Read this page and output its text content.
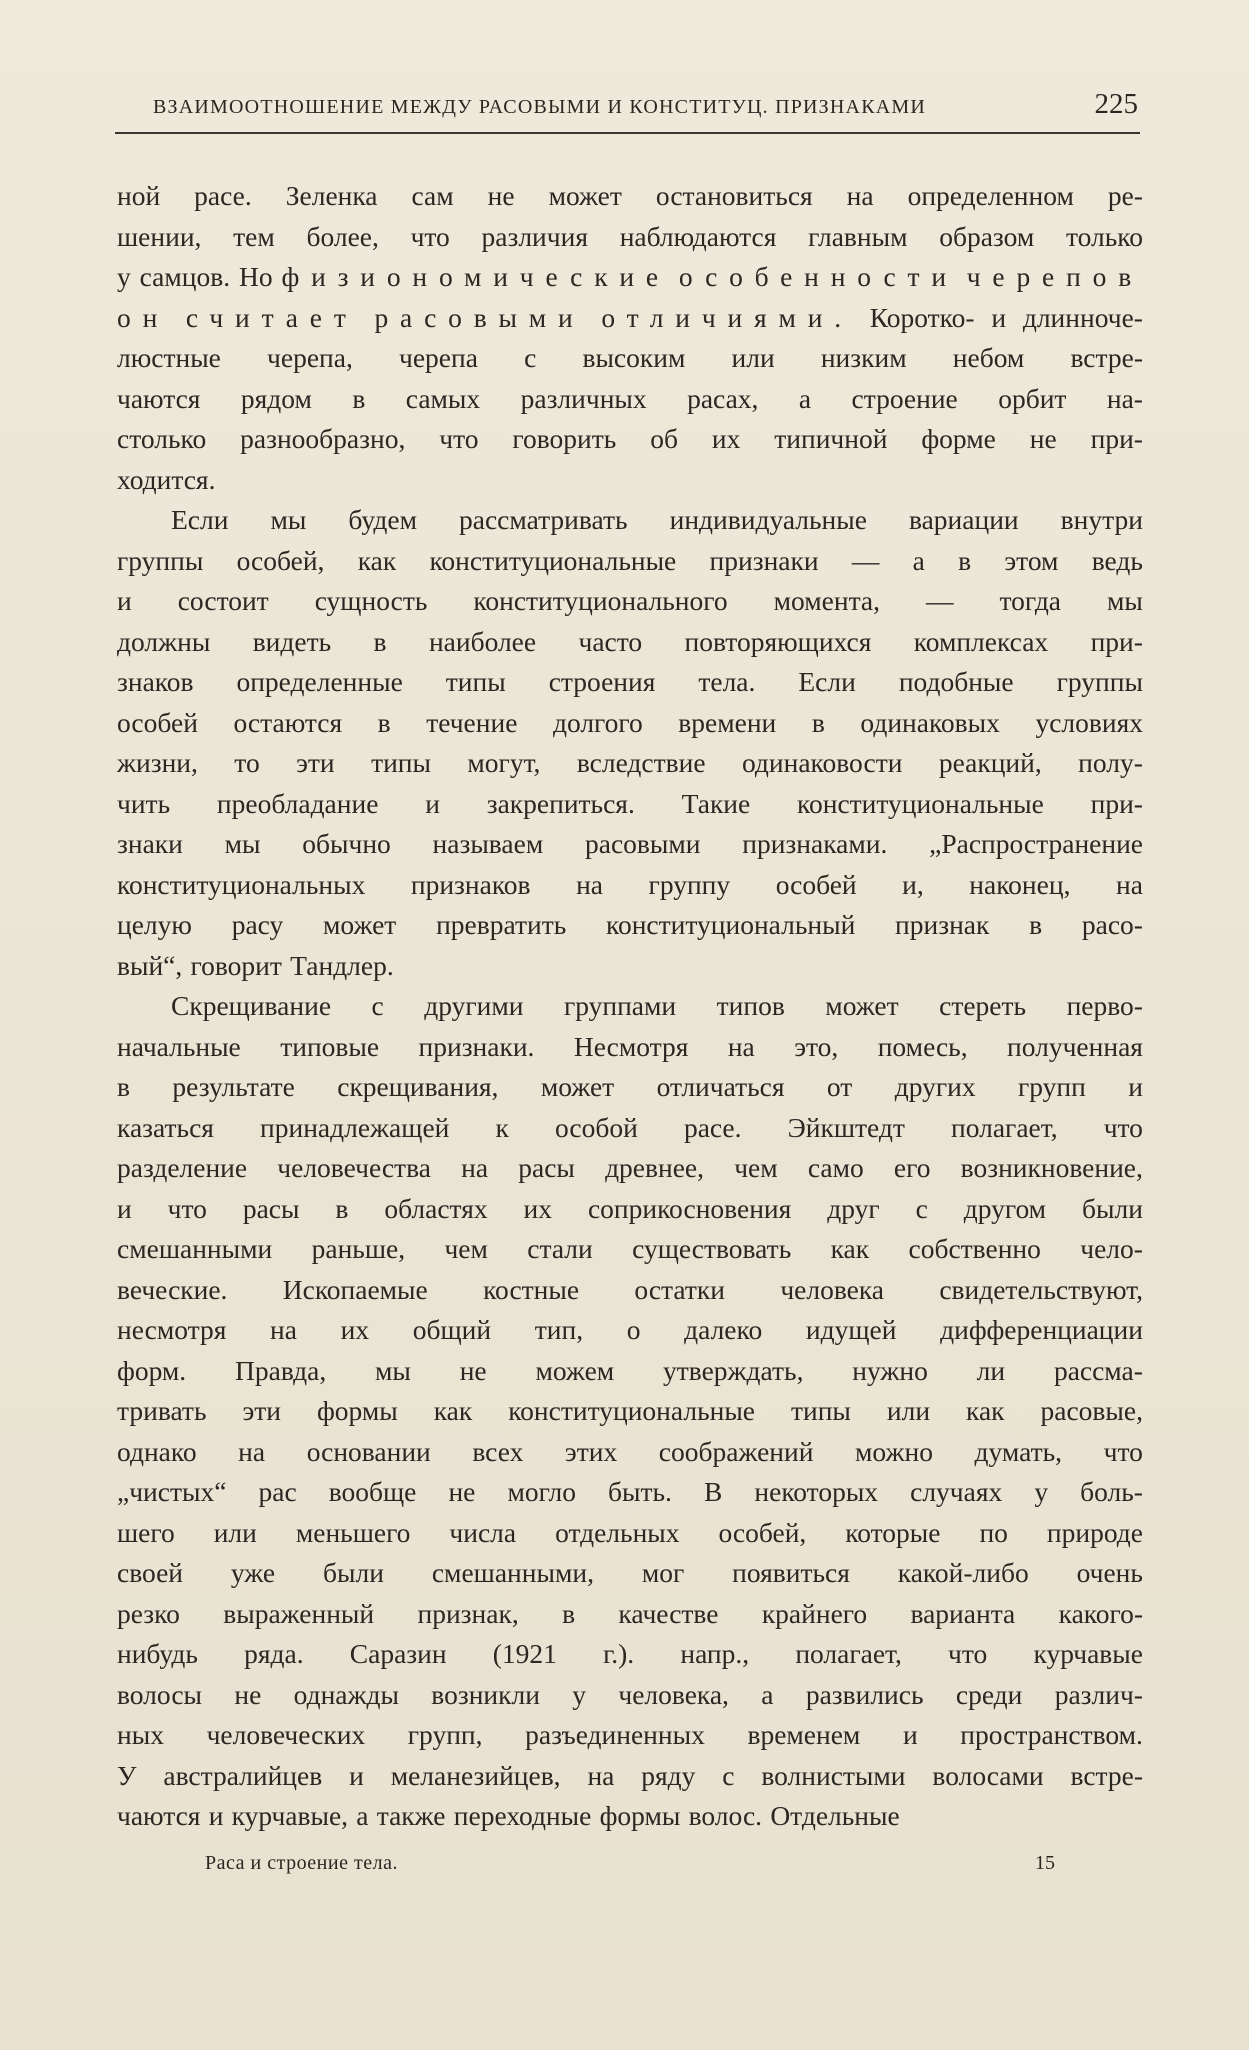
ВЗАИМООТНОШЕНИЕ МЕЖДУ РАСОВЫМИ И КОНСТИТУЦ. ПРИЗНАКАМИ	225
ной расе. Зеленка сам не может остановиться на определенном ре-
шении, тем более, что различия наблюдаются главным образом только
у самцов. Но физиономические особенности черепов
он считает расовыми отличиями. Коротко- и длинноче-
люстные черепа, черепа с высоким или низким небом встре-
чаются рядом в самых различных расах, а строение орбит на-
столько разнообразно, что говорить об их типичной форме не при-
ходится.
Если мы будем рассматривать индивидуальные вариации внутри
группы особей, как конституциональные признаки — а в этом ведь
и состоит сущность конституционального момента, — тогда мы
должны видеть в наиболее часто повторяющихся комплексах при-
знаков определенные типы строения тела. Если подобные группы
особей остаются в течение долгого времени в одинаковых условиях
жизни, то эти типы могут, вследствие одинаковости реакций, полу-
чить преобладание и закрепиться. Такие конституциональные при-
знаки мы обычно называем расовыми признаками. „Распространение
конституциональных признаков на группу особей и, наконец, на
целую расу может превратить конституциональный признак в расо-
вый“, говорит Тандлер.
Скрещивание с другими группами типов может стереть перво-
начальные типовые признаки. Несмотря на это, помесь, полученная
в результате скрещивания, может отличаться от других групп и
казаться принадлежащей к особой расе. Эйкштедт полагает, что
разделение человечества на расы древнее, чем само его возникновение,
и что расы в областях их соприкосновения друг с другом были
смешанными раньше, чем стали существовать как собственно чело-
веческие. Ископаемые костные остатки человека свидетельствуют,
несмотря на их общий тип, о далеко идущей дифференциации
форм. Правда, мы не можем утверждать, нужно ли рассма-
тривать эти формы как конституциональные типы или как расовые,
однако на основании всех этих соображений можно думать, что
„чистых“ рас вообще не могло быть. В некоторых случаях у боль-
шего или меньшего числа отдельных особей, которые по природе
своей уже были смешанными, мог появиться какой-либо очень
резко выраженный признак, в качестве крайнего варианта какого-
нибудь ряда. Саразин (1921 г.). напр., полагает, что курчавые
волосы не однажды возникли у человека, а развились среди различ-
ных человеческих групп, разъединенных временем и пространством.
У австралийцев и меланезийцев, на ряду с волнистыми волосами встре-
чаются и курчавые, а также переходные формы волос. Отдельные
Раса и строение тела.	15
